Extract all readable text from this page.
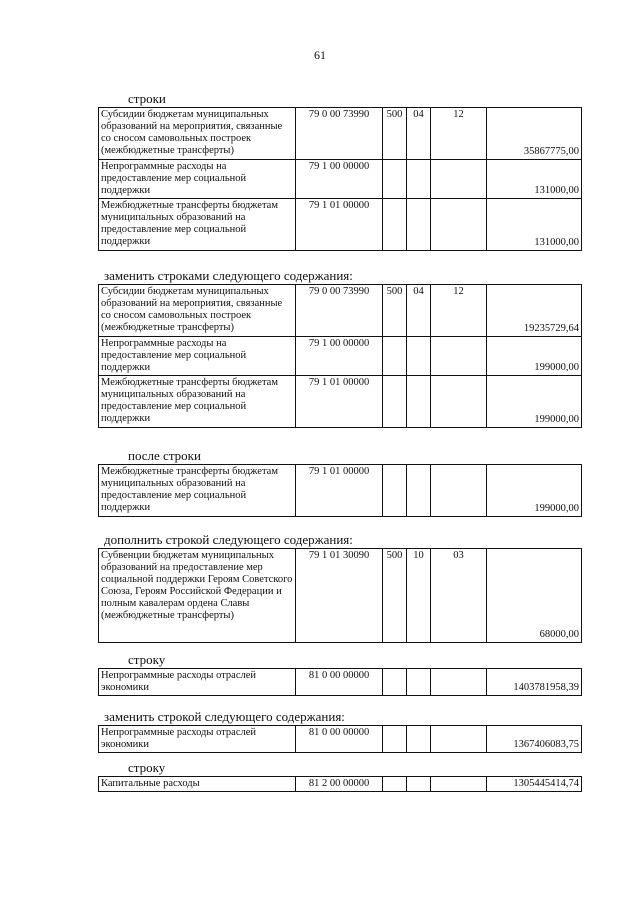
61
строки
Субсидии бюджетам муниципальных образований на мероприятия, связанные со сносом самовольных построек (межбюджетные трансферты)	79 0 00 73990	500	04	12	35867775,00
Непрограммные расходы на предоставление мер социальной поддержки	79 1 00 00000				131000,00
Межбюджетные трансферты бюджетам муниципальных образований на предоставление мер социальной поддержки	79 1 01 00000				131000,00
заменить строками следующего содержания:
Субсидии бюджетам муниципальных образований на мероприятия, связанные со сносом самовольных построек (межбюджетные трансферты)	79 0 00 73990	500	04	12	19235729,64
Непрограммные расходы на предоставление мер социальной поддержки	79 1 00 00000				199000,00
Межбюджетные трансферты бюджетам муниципальных образований на предоставление мер социальной поддержки	79 1 01 00000				199000,00
после строки
Межбюджетные трансферты бюджетам муниципальных образований на предоставление мер социальной поддержки	79 1 01 00000				199000,00
дополнить строкой следующего содержания:
Субвенции бюджетам муниципальных образований на предоставление мер социальной поддержки Героям Советского Союза, Героям Российской Федерации и полным кавалерам ордена Славы (межбюджетные трансферты)	79 1 01 30090	500	10	03	68000,00
строку
Непрограммные расходы отраслей экономики	81 0 00 00000				1403781958,39
заменить строкой следующего содержания:
Непрограммные расходы отраслей экономики	81 0 00 00000				1367406083,75
строку
Капитальные расходы	81 2 00 00000				1305445414,74
